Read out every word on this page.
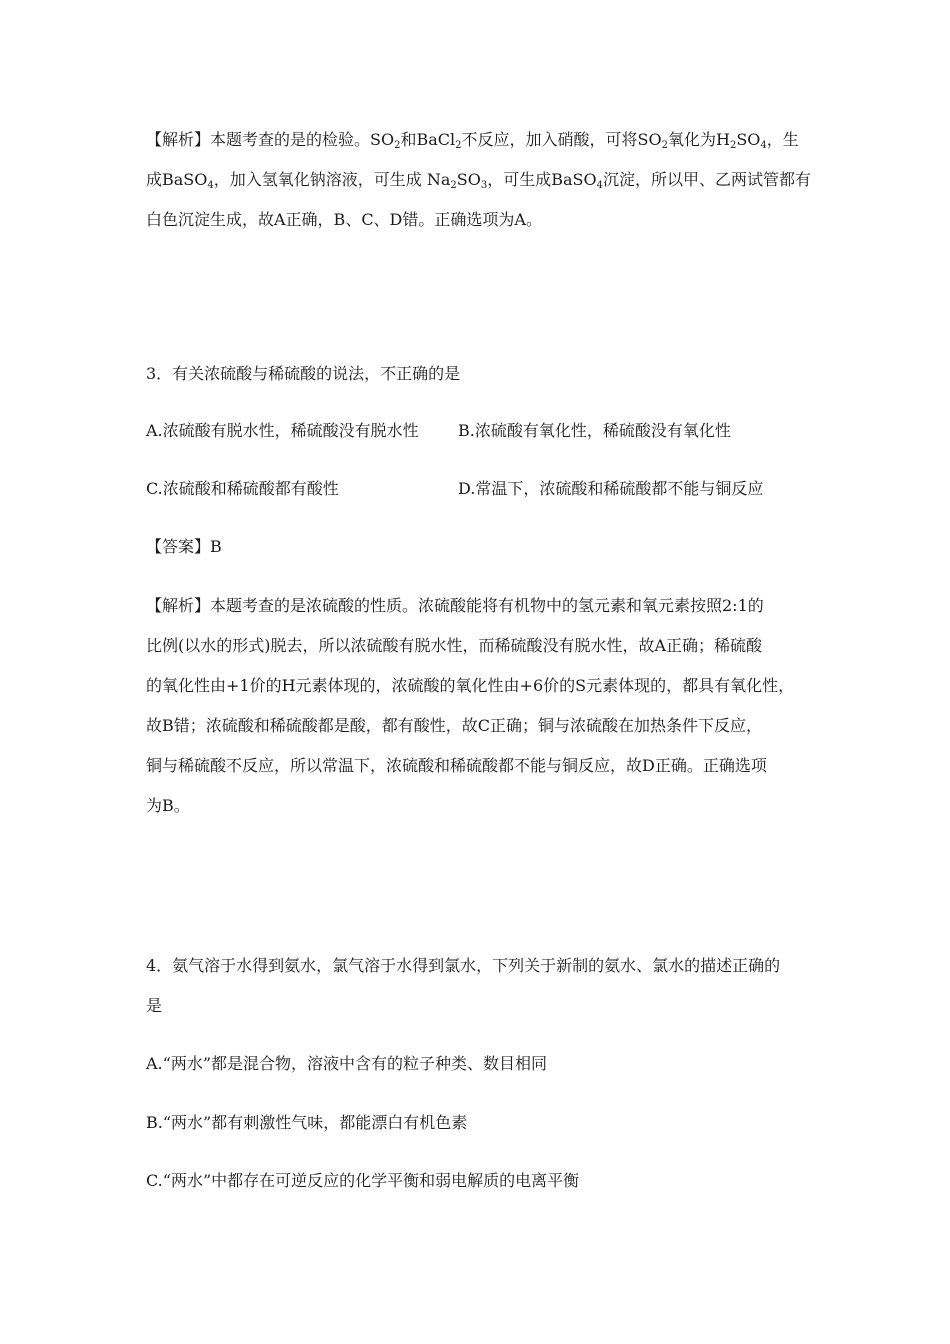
【解析】本题考查的是的检验。$SO_2$和BaCl$_2$不反应，加入硝酸，可将$SO_2$氧化为$H_2SO_4$，生
成BaSO$_4$，加入氢氧化钠溶液，可生成 $Na_2SO_3$，可生成BaSO$_4$沉淀，所以甲、乙两试管都有
白色沉淀生成，故A正确，B、C、D错。正确选项为A。
3．有关浓硫酸与稀硫酸的说法，不正确的是
A.浓硫酸有脱水性，稀硫酸没有脱水性 B.浓硫酸有氧化性，稀硫酸没有氧化性
C.浓硫酸和稀硫酸都有酸性	D.常温下，浓硫酸和稀硫酸都不能与铜反应
【答案】B
【解析】本题考查的是浓硫酸的性质。浓硫酸能将有机物中的氢元素和氧元素按照2:1的
比例(以水的形式)脱去，所以浓硫酸有脱水性，而稀硫酸没有脱水性，故A正确；稀硫酸
的氧化性由+1价的H元素体现的，浓硫酸的氧化性由+6价的S元素体现的，都具有氧化性，
故B错；浓硫酸和稀硫酸都是酸，都有酸性，故C正确；铜与浓硫酸在加热条件下反应，
铜与稀硫酸不反应，所以常温下，浓硫酸和稀硫酸都不能与铜反应，故D正确。正确选项
为B。
4．氨气溶于水得到氨水，氯气溶于水得到氯水，下列关于新制的氨水、氯水的描述正确的
是
A.“两水”都是混合物，溶液中含有的粒子种类、数目相同
B.“两水”都有刺激性气味，都能漂白有机色素
C.“两水”中都存在可逆反应的化学平衡和弱电解质的电离平衡
